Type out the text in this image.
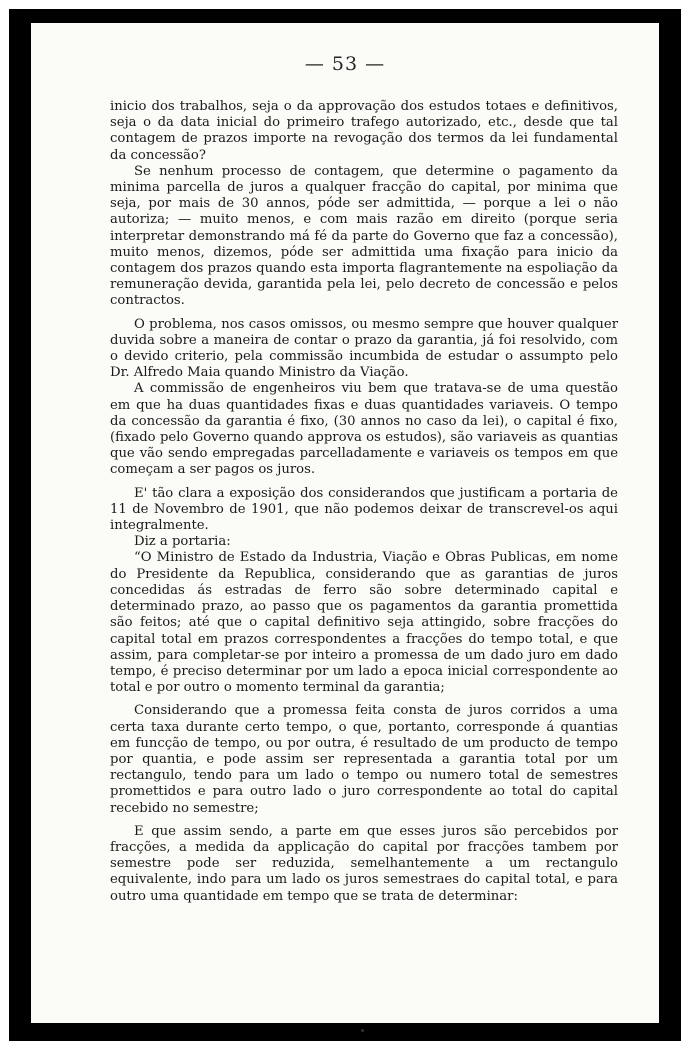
— 53 —

inicio dos trabalhos, seja o da approvação dos estudos totaes e definitivos, seja o da data inicial do primeiro trafego autorizado, etc., desde que tal contagem de prazos importe na revogação dos termos da lei fundamental da concessão?

Se nenhum processo de contagem, que determine o pagamento da minima parcella de juros a qualquer fracção do capital, por minima que seja, por mais de 30 annos, póde ser admittida, — porque a lei o não autoriza; — muito menos, e com mais razão em direito (porque seria interpretar demonstrando má fé da parte do Governo que faz a concessão), muito menos, dizemos, póde ser admittida uma fixação para inicio da contagem dos prazos quando esta importa flagrantemente na espoliação da remuneração devida, garantida pela lei, pelo decreto de concessão e pelos contractos.

O problema, nos casos omissos, ou mesmo sempre que houver qualquer duvida sobre a maneira de contar o prazo da garantia, já foi resolvido, com o devido criterio, pela commissão incumbida de estudar o assumpto pelo Dr. Alfredo Maia quando Ministro da Viação.

A commissão de engenheiros viu bem que tratava-se de uma questão em que ha duas quantidades fixas e duas quantidades variaveis. O tempo da concessão da garantia é fixo, (30 annos no caso da lei), o capital é fixo, (fixado pelo Governo quando approva os estudos), são variaveis as quantias que vão sendo empregadas parcelladamente e variaveis os tempos em que começam a ser pagos os juros.

E' tão clara a exposição dos considerandos que justificam a portaria de 11 de Novembro de 1901, que não podemos deixar de transcrevel-os aqui integralmente.

Diz a portaria:

“O Ministro de Estado da Industria, Viação e Obras Publicas, em nome do Presidente da Republica, considerando que as garantias de juros concedidas ás estradas de ferro são sobre determinado capital e determinado prazo, ao passo que os pagamentos da garantia promettida são feitos; até que o capital definitivo seja attingido, sobre fracções do capital total em prazos correspondentes a fracções do tempo total, e que assim, para completar-se por inteiro a promessa de um dado juro em dado tempo, é preciso determinar por um lado a epoca inicial correspondente ao total e por outro o momento terminal da garantia;

Considerando que a promessa feita consta de juros corridos a uma certa taxa durante certo tempo, o que, portanto, corresponde á quantias em funcção de tempo, ou por outra, é resultado de um producto de tempo por quantia, e pode assim ser representada a garantia total por um rectangulo, tendo para um lado o tempo ou numero total de semestres promettidos e para outro lado o juro correspondente ao total do capital recebido no semestre;

E que assim sendo, a parte em que esses juros são percebidos por fracções, a medida da applicação do capital por fracções tambem por semestre pode ser reduzida, semelhantemente a um rectangulo equivalente, indo para um lado os juros semestraes do capital total, e para outro uma quantidade em tempo que se trata de determinar:
